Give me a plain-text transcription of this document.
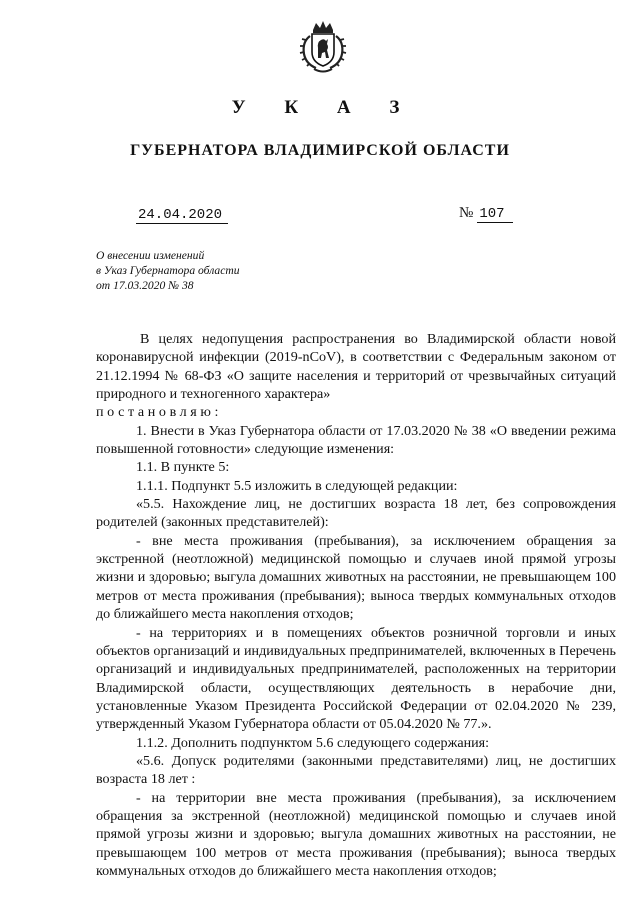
У К А З
ГУБЕРНАТОРА ВЛАДИМИРСКОЙ ОБЛАСТИ
24.04.2020	№ 107
О внесении изменений
в Указ Губернатора области
от 17.03.2020 № 38

В целях недопущения распространения во Владимирской области новой коронавирусной инфекции (2019-nCoV), в соответствии с Федеральным законом от 21.12.1994 № 68-ФЗ «О защите населения и территорий от чрезвычайных ситуаций природного и техногенного характера»

постановляю:

1. Внести в Указ Губернатора области от 17.03.2020 № 38 «О введении режима повышенной готовности» следующие изменения:

1.1. В пункте 5:

1.1.1. Подпункт 5.5 изложить в следующей редакции:

«5.5. Нахождение лиц, не достигших возраста 18 лет, без сопровождения родителей (законных представителей):

- вне места проживания (пребывания), за исключением обращения за экстренной (неотложной) медицинской помощью и случаев иной прямой угрозы жизни и здоровью; выгула домашних животных на расстоянии, не превышающем 100 метров от места проживания (пребывания); выноса твердых коммунальных отходов до ближайшего места накопления отходов;

- на территориях и в помещениях объектов розничной торговли и иных объектов организаций и индивидуальных предпринимателей, включенных в Перечень организаций и индивидуальных предпринимателей, расположенных на территории Владимирской области, осуществляющих деятельность в нерабочие дни, установленные Указом Президента Российской Федерации от 02.04.2020 № 239, утвержденный Указом Губернатора области от 05.04.2020 № 77.».

1.1.2. Дополнить подпунктом 5.6 следующего содержания:

«5.6. Допуск родителями (законными представителями) лиц, не достигших возраста 18 лет :

- на территории вне места проживания (пребывания), за исключением обращения за экстренной (неотложной) медицинской помощью и случаев иной прямой угрозы жизни и здоровью; выгула домашних животных на расстоянии, не превышающем 100 метров от места проживания (пребывания); выноса твердых коммунальных отходов до ближайшего места накопления отходов;
